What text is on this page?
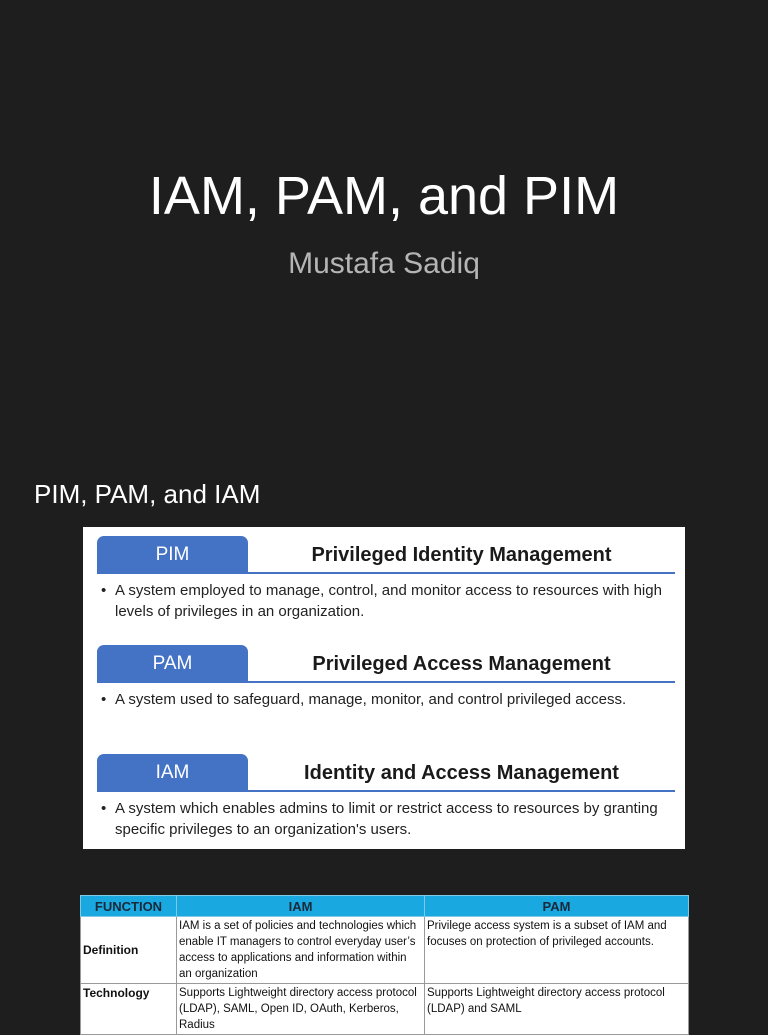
IAM, PAM, and PIM
Mustafa Sadiq
PIM, PAM, and IAM
PIM	Privileged Identity Management
• A system employed to manage, control, and monitor access to resources with high levels of privileges in an organization.
PAM	Privileged Access Management
• A system used to safeguard, manage, monitor, and control privileged access.
IAM	Identity and Access Management
• A system which enables admins to limit or restrict access to resources by granting specific privileges to an organization's users.
FUNCTION	IAM	PAM
Definition	IAM is a set of policies and technologies which enable IT managers to control everyday user’s access to applications and information within an organization	Privilege access system is a subset of IAM and focuses on protection of privileged accounts.
Technology	Supports Lightweight directory access protocol (LDAP), SAML, Open ID, OAuth, Kerberos, Radius	Supports Lightweight directory access protocol (LDAP) and SAML
